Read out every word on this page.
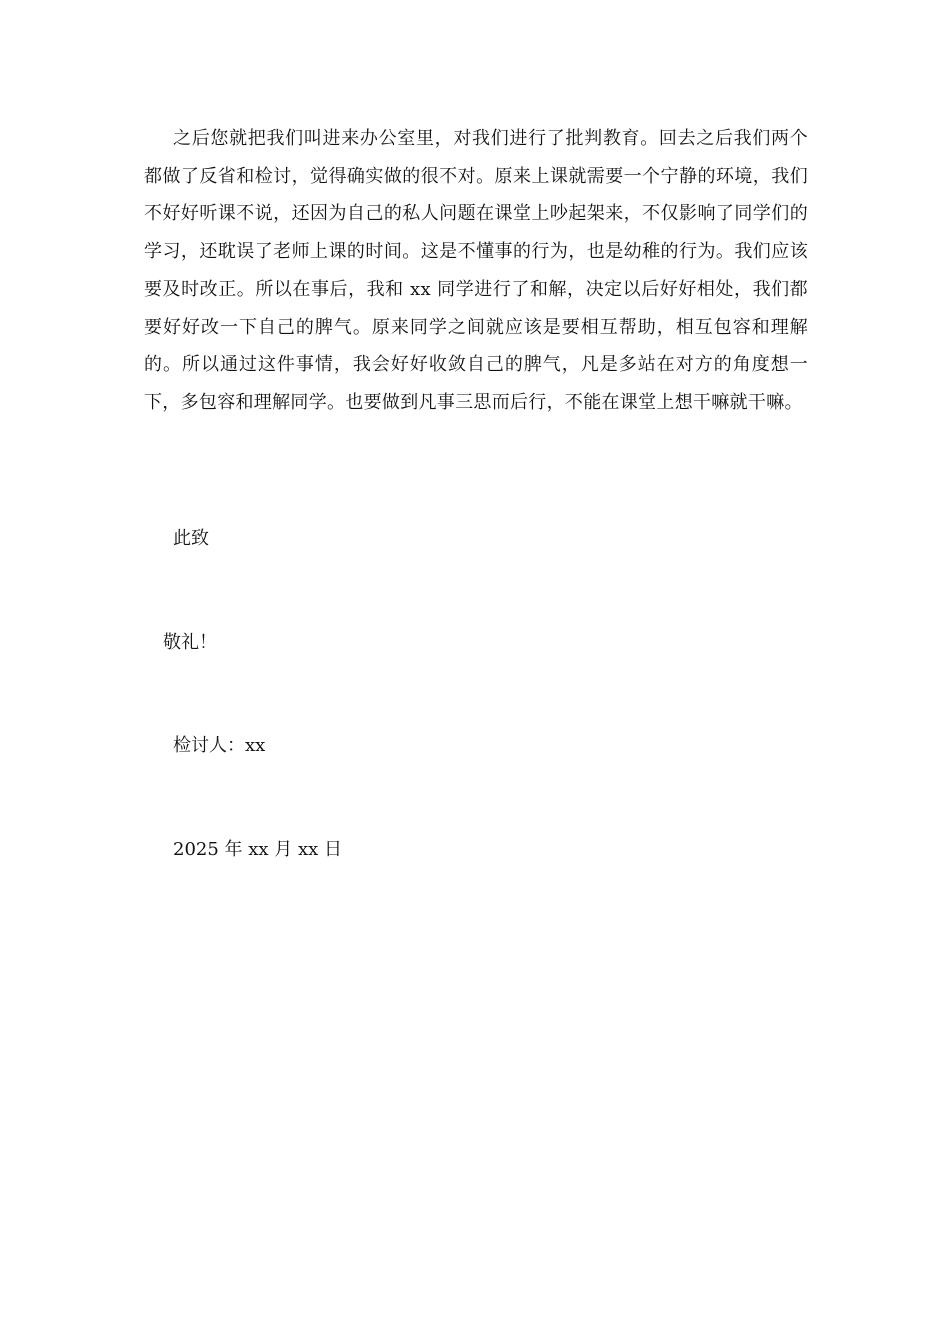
之后您就把我们叫进来办公室里，对我们进行了批判教育。回去之后我们两个都做了反省和检讨，觉得确实做的很不对。原来上课就需要一个宁静的环境，我们不好好听课不说，还因为自己的私人问题在课堂上吵起架来，不仅影响了同学们的学习，还耽误了老师上课的时间。这是不懂事的行为，也是幼稚的行为。我们应该要及时改正。所以在事后，我和 xx 同学进行了和解，决定以后好好相处，我们都要好好改一下自己的脾气。原来同学之间就应该是要相互帮助，相互包容和理解的。所以通过这件事情，我会好好收敛自己的脾气，凡是多站在对方的角度想一下，多包容和理解同学。也要做到凡事三思而后行，不能在课堂上想干嘛就干嘛。

此致

敬礼！

检讨人：xx

2025 年 xx 月 xx 日
